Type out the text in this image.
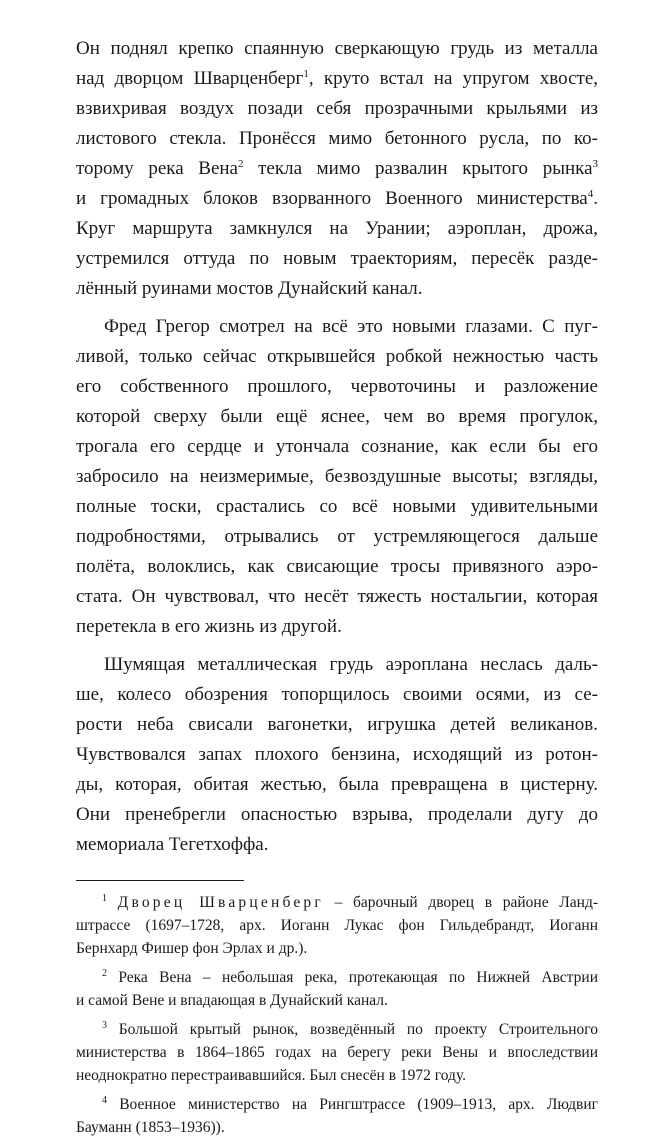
Он поднял крепко спаянную сверкающую грудь из металла
над дворцом Шварценберг$^1$, круто встал на упругом хвосте,
взвихривая воздух позади себя прозрачными крыльями из
листового стекла. Пронёсся мимо бетонного русла, по ко-
торому река Вена$^2$ текла мимо развалин крытого рынка$^3$
и громадных блоков взорванного Военного министерства$^4$.
Круг маршрута замкнулся на Урании; аэроплан, дрожа,
устремился оттуда по новым траекториям, пересёк разде-
лённый руинами мостов Дунайский канал.

Фред Грегор смотрел на всё это новыми глазами. С пуг-
ливой, только сейчас открывшейся робкой нежностью часть
его собственного прошлого, червоточины и разложение
которой сверху были ещё яснее, чем во время прогулок,
трогала его сердце и утончала сознание, как если бы его
забросило на неизмеримые, безвоздушные высоты; взгляды,
полные тоски, срастались со всё новыми удивительными
подробностями, отрывались от устремляющегося дальше
полёта, волоклись, как свисающие тросы привязного аэро-
стата. Он чувствовал, что несёт тяжесть ностальгии, которая
перетекла в его жизнь из другой.

Шумящая металлическая грудь аэроплана неслась даль-
ше, колесо обозрения топорщилось своими осями, из се-
рости неба свисали вагонетки, игрушка детей великанов.
Чувствовался запах плохого бензина, исходящий из ротон-
ды, которая, обитая жестью, была превращена в цистерну.
Они пренебрегли опасностью взрыва, проделали дугу до
мемориала Тегетхоффа.

$^1$ Дворец Шварценберг – барочный дворец в районе Ланд-
штрассе (1697–1728, арх. Иоганн Лукас фон Гильдебрандт, Иоганн
Бернхард Фишер фон Эрлах и др.).
$^2$ Река Вена – небольшая река, протекающая по Нижней Австрии
и самой Вене и впадающая в Дунайский канал.
$^3$ Большой крытый рынок, возведённый по проекту Строительного
министерства в 1864–1865 годах на берегу реки Вены и впоследствии
неоднократно перестраивавшийся. Был снесён в 1972 году.
$^4$ Военное министерство на Рингштрассе (1909–1913, арх. Людвиг
Бауманн (1853–1936)).
